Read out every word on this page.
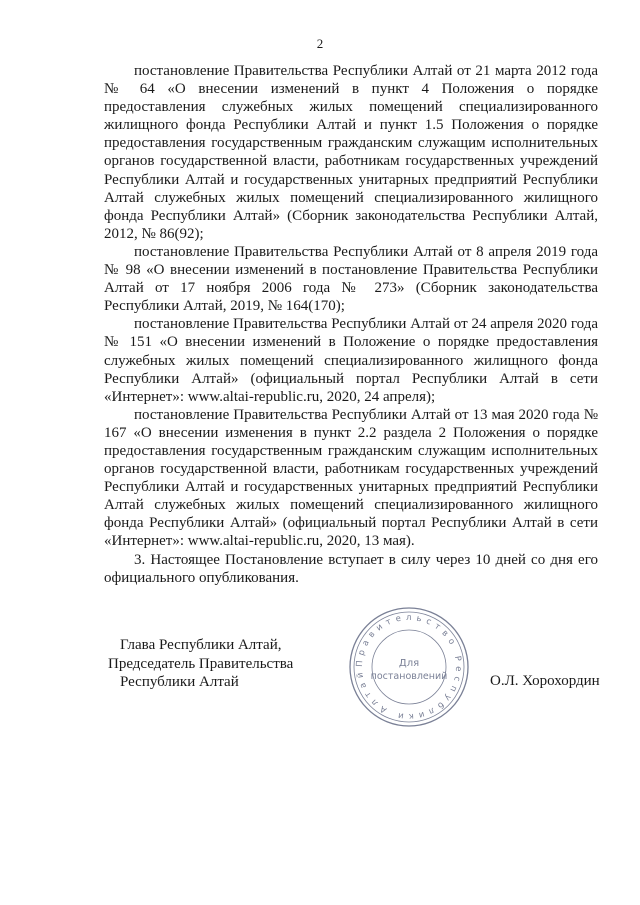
2

постановление Правительства Республики Алтай от 21 марта 2012 года № 64 «О внесении изменений в пункт 4 Положения о порядке предоставления служебных жилых помещений специализированного жилищного фонда Республики Алтай и пункт 1.5 Положения о порядке предоставления государственным гражданским служащим исполнительных органов государственной власти, работникам государственных учреждений Республики Алтай и государственных унитарных предприятий Республики Алтай служебных жилых помещений специализированного жилищного фонда Республики Алтай» (Сборник законодательства Республики Алтай, 2012, № 86(92);

постановление Правительства Республики Алтай от 8 апреля 2019 года № 98 «О внесении изменений в постановление Правительства Республики Алтай от 17 ноября 2006 года № 273» (Сборник законодательства Республики Алтай, 2019, № 164(170);

постановление Правительства Республики Алтай от 24 апреля 2020 года № 151 «О внесении изменений в Положение о порядке предоставления служебных жилых помещений специализированного жилищного фонда Республики Алтай» (официальный портал Республики Алтай в сети «Интернет»: www.altai-republic.ru, 2020, 24 апреля);

постановление Правительства Республики Алтай от 13 мая 2020 года № 167 «О внесении изменения в пункт 2.2 раздела 2 Положения о порядке предоставления государственным гражданским служащим исполнительных органов государственной власти, работникам государственных учреждений Республики Алтай и государственных унитарных предприятий Республики Алтай служебных жилых помещений специализированного жилищного фонда Республики Алтай» (официальный портал Республики Алтай в сети «Интернет»: www.altai-republic.ru, 2020, 13 мая).

3. Настоящее Постановление вступает в силу через 10 дней со дня его официального опубликования.

Глава Республики Алтай,
Председатель Правительства
Республики Алтай
Правительство Республики Алтай
Для
постановлений	О.Л. Хорохордин
